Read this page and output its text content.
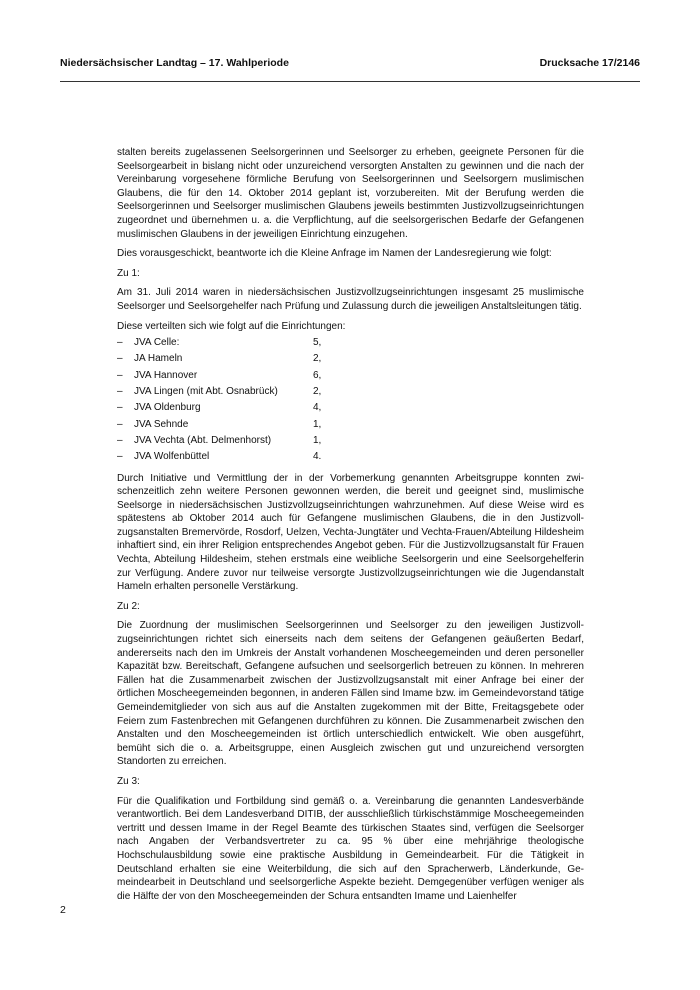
Niedersächsischer Landtag – 17. Wahlperiode	Drucksache 17/2146

stalten bereits zugelassenen Seelsorgerinnen und Seelsorger zu erheben, geeignete Personen für die Seelsorgearbeit in bislang nicht oder unzureichend versorgten Anstalten zu gewinnen und die nach der Vereinbarung vorgesehene förmliche Berufung von Seelsorgerinnen und Seelsorgern muslimischen Glaubens, die für den 14. Oktober 2014 geplant ist, vorzubereiten. Mit der Berufung werden die Seelsorgerinnen und Seelsorger muslimischen Glaubens jeweils bestimmten Justizvollzugseinrichtungen zugeordnet und übernehmen u. a. die Verpflichtung, auf die seelsorgerischen Bedarfe der Gefangenen muslimischen Glaubens in der jeweiligen Einrichtung einzugehen.

Dies vorausgeschickt, beantworte ich die Kleine Anfrage im Namen der Landesregierung wie folgt:

Zu 1:

Am 31. Juli 2014 waren in niedersächsischen Justizvollzugseinrichtungen insgesamt 25 muslimische Seelsorger und Seelsorgehelfer nach Prüfung und Zulassung durch die jeweiligen Anstaltsleitungen tätig.

Diese verteilten sich wie folgt auf die Einrichtungen:

– JVA Celle:	5,
– JA Hameln	2,
– JVA Hannover	6,
– JVA Lingen (mit Abt. Osnabrück)	2,
– JVA Oldenburg	4,
– JVA Sehnde	1,
– JVA Vechta (Abt. Delmenhorst)	1,
– JVA Wolfenbüttel	4.

Durch Initiative und Vermittlung der in der Vorbemerkung genannten Arbeitsgruppe konnten zwischenzeitlich zehn weitere Personen gewonnen werden, die bereit und geeignet sind, muslimische Seelsorge in niedersächsischen Justizvollzugseinrichtungen wahrzunehmen. Auf diese Weise wird es spätestens ab Oktober 2014 auch für Gefangene muslimischen Glaubens, die in den Justizvollzugsanstalten Bremervörde, Rosdorf, Uelzen, Vechta-Jungtäter und Vechta-Frauen/Abteilung Hildesheim inhaftiert sind, ein ihrer Religion entsprechendes Angebot geben. Für die Justizvollzugsanstalt für Frauen Vechta, Abteilung Hildesheim, stehen erstmals eine weibliche Seelsorgerin und eine Seelsorgehelferin zur Verfügung. Andere zuvor nur teilweise versorgte Justizvollzugseinrichtungen wie die Jugendanstalt Hameln erhalten personelle Verstärkung.

Zu 2:

Die Zuordnung der muslimischen Seelsorgerinnen und Seelsorger zu den jeweiligen Justizvollzugseinrichtungen richtet sich einerseits nach dem seitens der Gefangenen geäußerten Bedarf, andererseits nach den im Umkreis der Anstalt vorhandenen Moscheegemeinden und deren personeller Kapazität bzw. Bereitschaft, Gefangene aufsuchen und seelsorgerlich betreuen zu können. In mehreren Fällen hat die Zusammenarbeit zwischen der Justizvollzugsanstalt mit einer Anfrage bei einer der örtlichen Moscheegemeinden begonnen, in anderen Fällen sind Imame bzw. im Gemeindevorstand tätige Gemeindemitglieder von sich aus auf die Anstalten zugekommen mit der Bitte, Freitagsgebete oder Feiern zum Fastenbrechen mit Gefangenen durchführen zu können. Die Zusammenarbeit zwischen den Anstalten und den Moscheegemeinden ist örtlich unterschiedlich entwickelt. Wie oben ausgeführt, bemüht sich die o. a. Arbeitsgruppe, einen Ausgleich zwischen gut und unzureichend versorgten Standorten zu erreichen.

Zu 3:

Für die Qualifikation und Fortbildung sind gemäß o. a. Vereinbarung die genannten Landesverbände verantwortlich. Bei dem Landesverband DITIB, der ausschließlich türkischstämmige Moscheegemeinden vertritt und dessen Imame in der Regel Beamte des türkischen Staates sind, verfügen die Seelsorger nach Angaben der Verbandsvertreter zu ca. 95 % über eine mehrjährige theologische Hochschulausbildung sowie eine praktische Ausbildung in Gemeindearbeit. Für die Tätigkeit in Deutschland erhalten sie eine Weiterbildung, die sich auf den Spracherwerb, Länderkunde, Gemeindearbeit in Deutschland und seelsorgerliche Aspekte bezieht. Demgegenüber verfügen weniger als die Hälfte der von den Moscheegemeinden der Schura entsandten Imame und Laienhelfer

2
